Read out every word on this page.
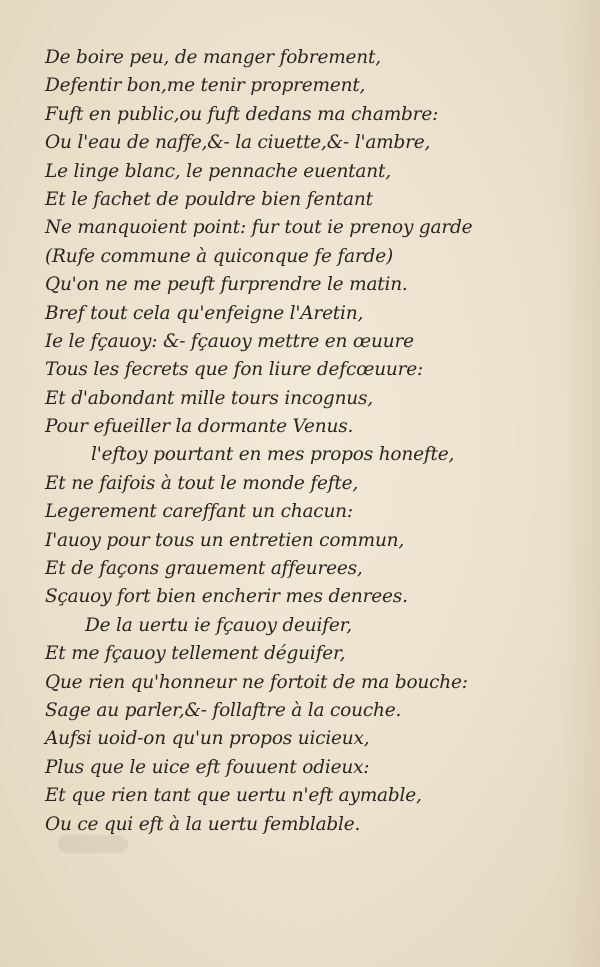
De boire peu, de manger fobrement,
Defentir bon,me tenir proprement,
Fuft en public,ou fuft dedans ma chambre:
Ou l'eau de naffe,&- la ciuette,&- l'ambre,
Le linge blanc, le pennache euentant,
Et le fachet de pouldre bien fentant
Ne manquoient point: fur tout ie prenoy garde
(Rufe commune à quiconque fe farde)
Qu'on ne me peuft furprendre le matin.
Bref tout cela qu'enfeigne l'Aretin,
Ie le fçauoy: &- fçauoy mettre en œuure
Tous les fecrets que fon liure defcœuure:
Et d'abondant mille tours incognus,
Pour efueiller la dormante Venus.
l'eftoy pourtant en mes propos honefte,
Et ne faifois à tout le monde fefte,
Legerement careffant un chacun:
I'auoy pour tous un entretien commun,
Et de façons grauement affeurees,
Sçauoy fort bien encherir mes denrees.
De la uertu ie fçauoy deuifer,
Et me fçauoy tellement déguifer,
Que rien qu'honneur ne fortoit de ma bouche:
Sage au parler,&- follaftre à la couche.
Aufsi uoid-on qu'un propos uicieux,
Plus que le uice eft fouuent odieux:
Et que rien tant que uertu n'eft aymable,
Ou ce qui eft à la uertu femblable.
